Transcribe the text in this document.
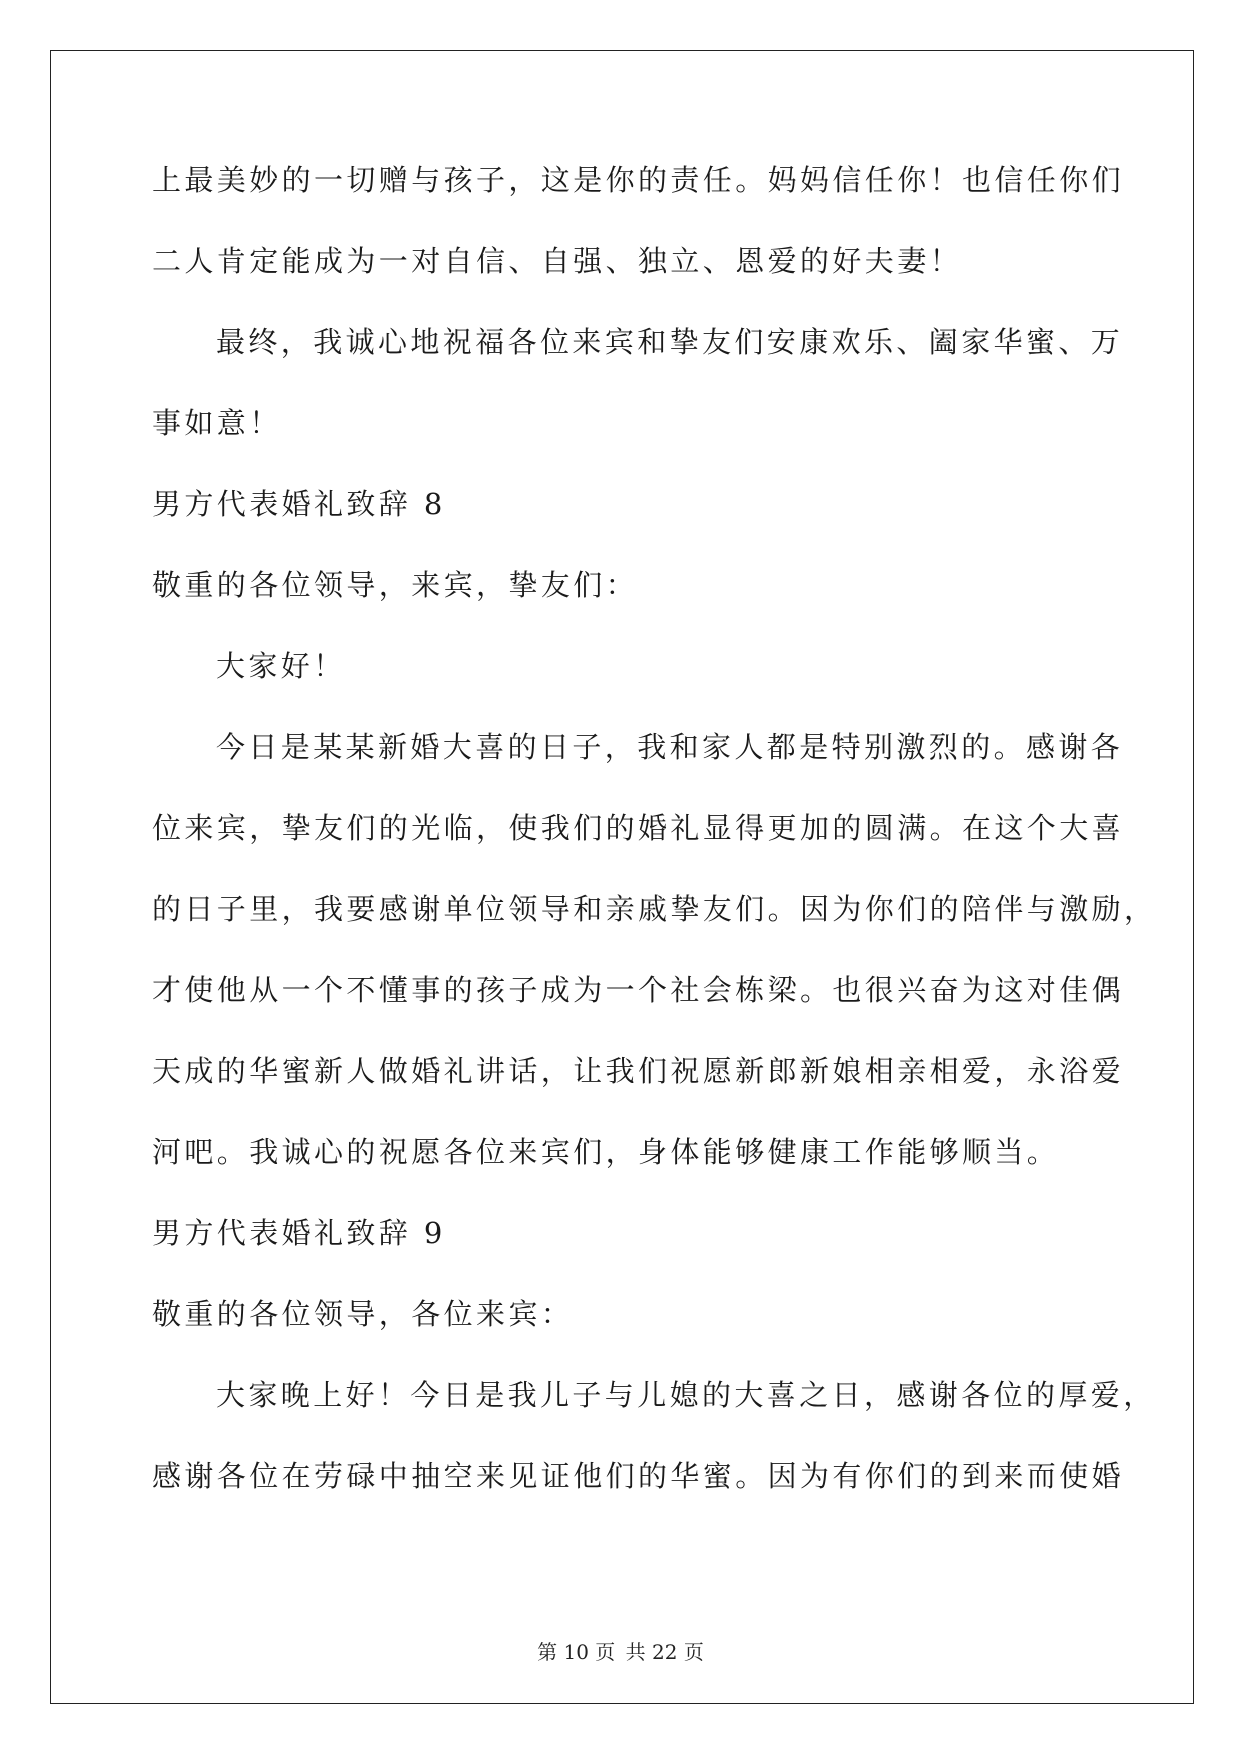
上最美妙的一切赠与孩子，这是你的责任。妈妈信任你！也信任你们
二人肯定能成为一对自信、自强、独立、恩爱的好夫妻！
最终，我诚心地祝福各位来宾和挚友们安康欢乐、阖家华蜜、万
事如意！
男方代表婚礼致辞 8
敬重的各位领导，来宾，挚友们：
大家好！
今日是某某新婚大喜的日子，我和家人都是特别激烈的。感谢各
位来宾，挚友们的光临，使我们的婚礼显得更加的圆满。在这个大喜
的日子里，我要感谢单位领导和亲戚挚友们。因为你们的陪伴与激励，
才使他从一个不懂事的孩子成为一个社会栋梁。也很兴奋为这对佳偶
天成的华蜜新人做婚礼讲话，让我们祝愿新郎新娘相亲相爱，永浴爱
河吧。我诚心的祝愿各位来宾们，身体能够健康工作能够顺当。
男方代表婚礼致辞 9
敬重的各位领导，各位来宾：
大家晚上好！今日是我儿子与儿媳的大喜之日，感谢各位的厚爱，
感谢各位在劳碌中抽空来见证他们的华蜜。因为有你们的到来而使婚
第 10 页 共 22 页
